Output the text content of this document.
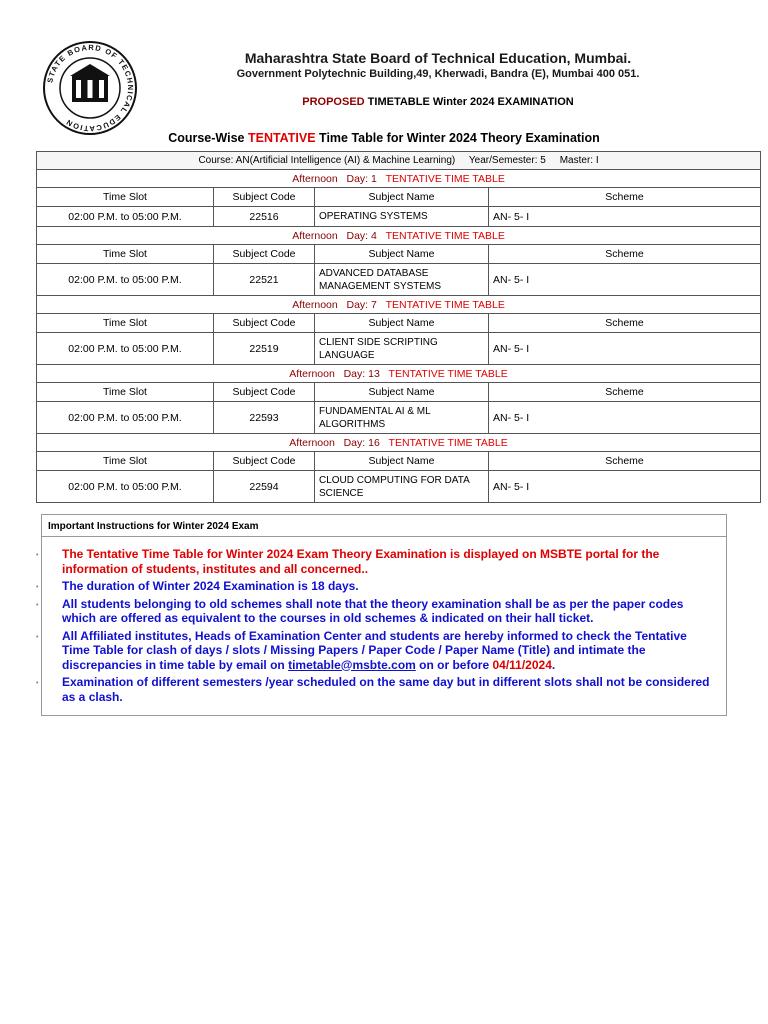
STATE BOARD OF TECHNICAL EDUCATION
Maharashtra State Board of Technical Education, Mumbai.
Government Polytechnic Building,49, Kherwadi, Bandra (E), Mumbai 400 051.
PROPOSED TIMETABLE Winter 2024 EXAMINATION
Course-Wise TENTATIVE Time Table for Winter 2024 Theory Examination
Course: AN(Artificial Intelligence (AI) & Machine Learning)     Year/Semester: 5     Master: I			
Afternoon Day: 1 TENTATIVE TIME TABLE			
Time Slot	Subject Code	Subject Name	Scheme
02:00 P.M. to 05:00 P.M.	22516	OPERATING SYSTEMS	AN- 5- I
Afternoon Day: 4 TENTATIVE TIME TABLE			
Time Slot	Subject Code	Subject Name	Scheme
02:00 P.M. to 05:00 P.M.	22521	ADVANCED DATABASE MANAGEMENT SYSTEMS	AN- 5- I
Afternoon Day: 7 TENTATIVE TIME TABLE			
Time Slot	Subject Code	Subject Name	Scheme
02:00 P.M. to 05:00 P.M.	22519	CLIENT SIDE SCRIPTING LANGUAGE	AN- 5- I
Afternoon Day: 13 TENTATIVE TIME TABLE			
Time Slot	Subject Code	Subject Name	Scheme
02:00 P.M. to 05:00 P.M.	22593	FUNDAMENTAL AI & ML ALGORITHMS	AN- 5- I
Afternoon Day: 16 TENTATIVE TIME TABLE			
Time Slot	Subject Code	Subject Name	Scheme
02:00 P.M. to 05:00 P.M.	22594	CLOUD COMPUTING FOR DATA SCIENCE	AN- 5- I
Important Instructions for Winter 2024 Exam
• The Tentative Time Table for Winter 2024 Exam Theory Examination is displayed on MSBTE portal for the information of students, institutes and all concerned..
• The duration of Winter 2024 Examination is 18 days.
• All students belonging to old schemes shall note that the theory examination shall be as per the paper codes which are offered as equivalent to the courses in old schemes & indicated on their hall ticket.
• All Affiliated institutes, Heads of Examination Center and students are hereby informed to check the Tentative Time Table for clash of days / slots / Missing Papers / Paper Code / Paper Name (Title) and intimate the discrepancies in time table by email on timetable@msbte.com on or before 04/11/2024.
• Examination of different semesters /year scheduled on the same day but in different slots shall not be considered as a clash.
